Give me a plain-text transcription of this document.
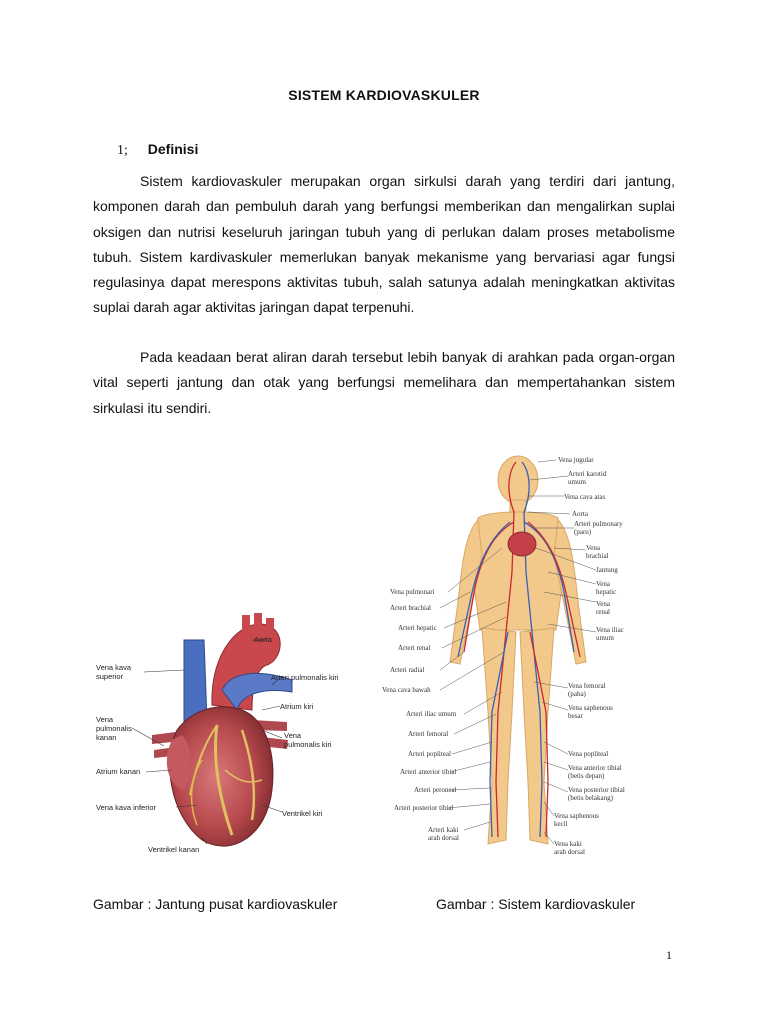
SISTEM KARDIOVASKULER
1; Definisi

Sistem kardiovaskuler merupakan organ sirkulsi darah yang terdiri dari jantung, komponen darah dan pembuluh darah yang berfungsi memberikan dan mengalirkan suplai oksigen dan nutrisi keseluruh jaringan tubuh yang di perlukan dalam proses metabolisme tubuh. Sistem kardivaskuler memerlukan banyak mekanisme yang bervariasi agar fungsi regulasinya dapat merespons aktivitas tubuh, salah satunya adalah meningkatkan aktivitas suplai darah agar aktivitas jaringan dapat terpenuhi.

Pada keadaan berat aliran darah tersebut lebih banyak di arahkan pada organ-organ vital seperti jantung dan otak yang berfungsi memelihara dan mempertahankan sistem sirkulasi itu sendiri.

Aorta
Vena kava
superior	Arteri pulmonalis kiri
Vena
pulmonalis
kanan
Atrium kiri
Vena
pulmonalis kiri
Atrium kanan
Vena kava inferior
Ventrikel kiri
Ventrikel kanan
Vena jugular
Arteri karotid
umum
Vena cava atas
Aorta
Arteri pulmonary
(paru)
Vena
brachial
Jantung
Vena
hepatic
Vena
renal
Vena iliac
umum
Vena femoral
(paha)
Vena saphenous
besar
Vena popliteal
Vena anterior tibial
(betis depan)
Vena posterior tibial
(betis belakang)
Vena saphenous
kecil
Vena kaki
arah dorsal
Vena pulmonari
Arteri brachial
Arteri hepatic
Arteri renal
Arteri radial
Vena cava bawah
Arteri iliac umum
Arteri femoral
Arteri popliteal
Arteri anterior tibial
Arteri peroneal
Arteri posterior tibial
Arteri kaki
arah dorsal
Gambar : Jantung pusat kardiovaskuler	Gambar : Sistem kardiovaskuler
1
